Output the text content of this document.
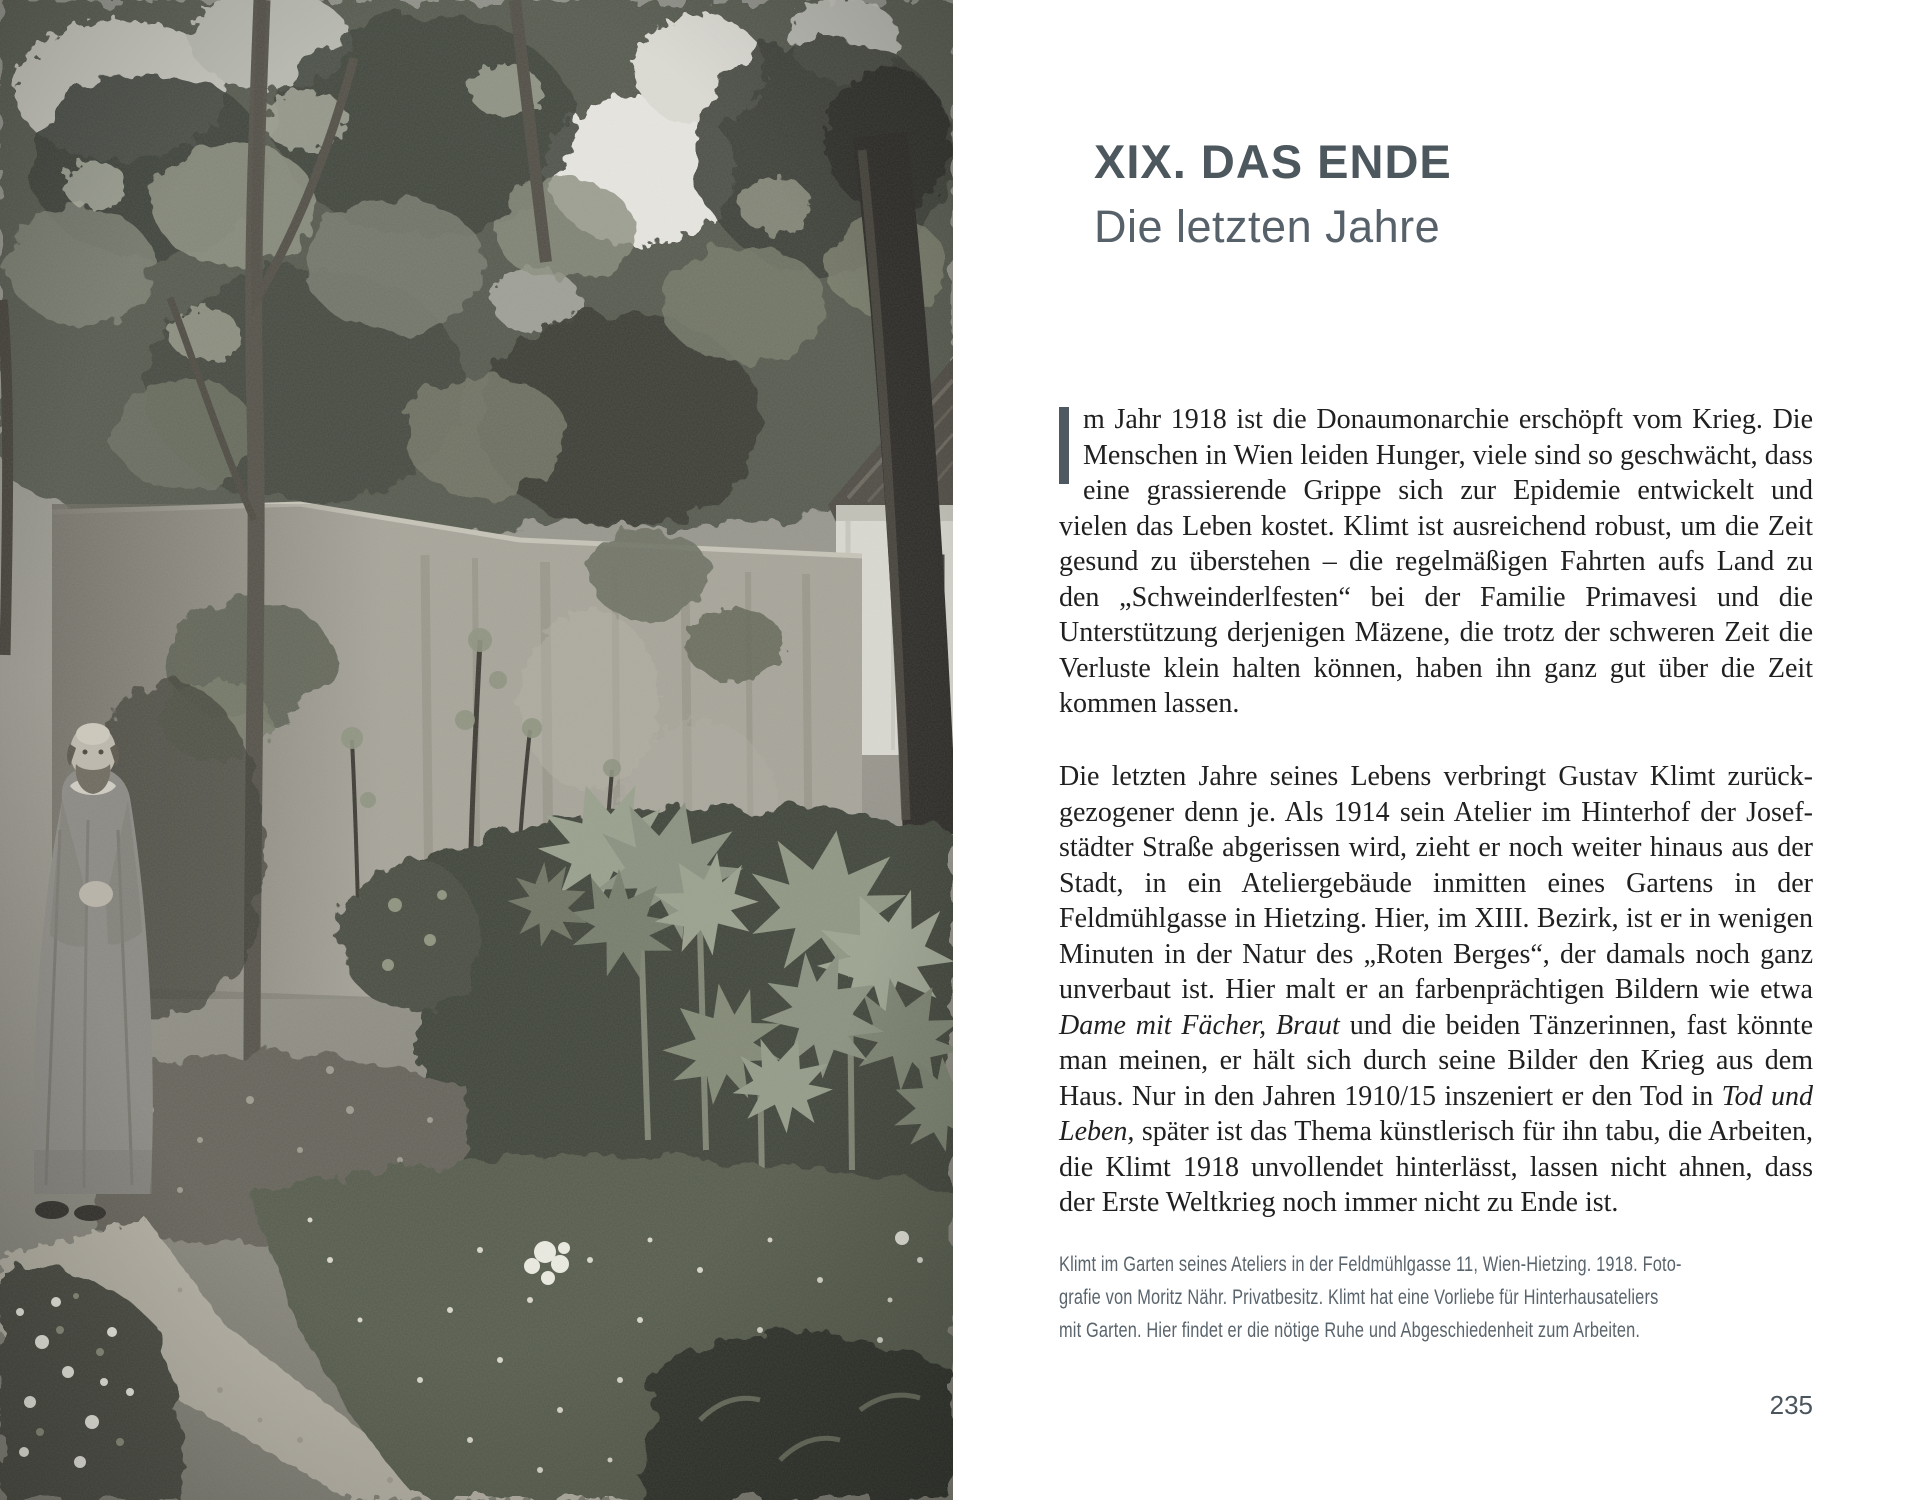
XIX. DAS ENDE
Die letzten Jahre

m Jahr 1918 ist die Donaumonarchie erschöpft vom Krieg. Die Menschen in Wien leiden Hunger, viele sind so geschwächt, dass eine grassierende Grippe sich zur Epidemie entwickelt und vielen das Leben kostet. Klimt ist ausreichend robust, um die Zeit gesund zu überstehen – die regelmäßigen Fahrten aufs Land zu den „Schweinderlfesten“ bei der Familie Primavesi und die Unterstützung derjenigen Mäzene, die trotz der schweren Zeit die Verluste klein halten können, haben ihn ganz gut über die Zeit kommen lassen.

Die letzten Jahre seines Lebens verbringt Gustav Klimt zurückgezogener denn je. Als 1914 sein Atelier im Hinterhof der Josefstädter Straße abgerissen wird, zieht er noch weiter hinaus aus der Stadt, in ein Ateliergebäude inmitten eines Gartens in der Feldmühlgasse in Hietzing. Hier, im XIII. Bezirk, ist er in wenigen Minuten in der Natur des „Roten Berges“, der damals noch ganz unverbaut ist. Hier malt er an farbenprächtigen Bildern wie etwa Dame mit Fächer, Braut und die beiden Tänzerinnen, fast könnte man meinen, er hält sich durch seine Bilder den Krieg aus dem Haus. Nur in den Jahren 1910/15 inszeniert er den Tod in Tod und Leben, später ist das Thema künstlerisch für ihn tabu, die Arbeiten, die Klimt 1918 unvollendet hinterlässt, lassen nicht ahnen, dass der Erste Weltkrieg noch immer nicht zu Ende ist.

Klimt im Garten seines Ateliers in der Feldmühlgasse 11, Wien-Hietzing. 1918. Foto-
grafie von Moritz Nähr. Privatbesitz. Klimt hat eine Vorliebe für Hinterhausateliers
mit Garten. Hier findet er die nötige Ruhe und Abgeschiedenheit zum Arbeiten.
235
